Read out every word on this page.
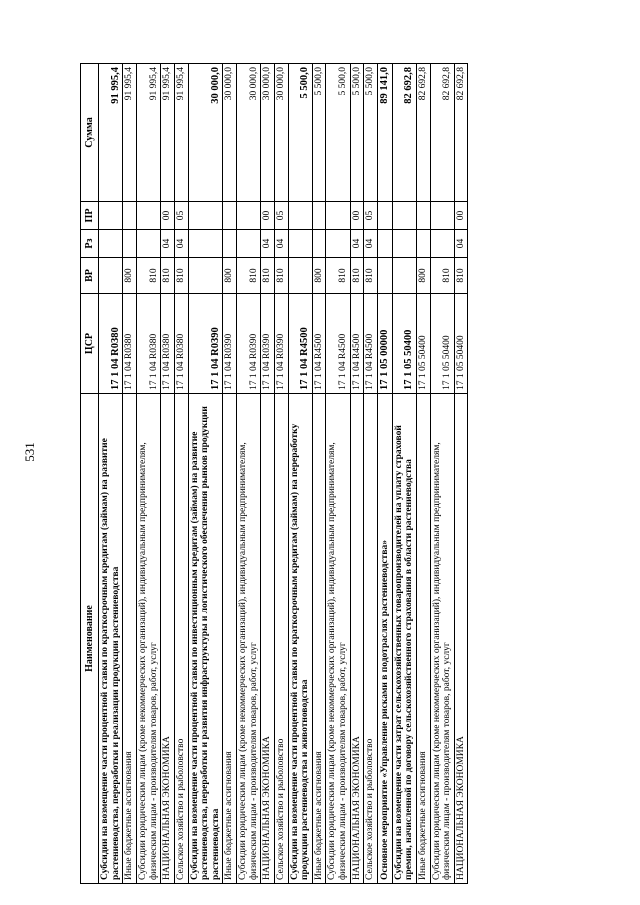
531
Наименование	ЦСР	ВР	Рз	ПР	Сумма
Субсидии на возмещение части процентной ставки по краткосрочным кредитам (займам) на развитие растениеводства, переработки и реализации продукции растениеводства	17 1 04 R0380				91 995,4
Иные бюджетные ассигнования	17 1 04 R0380	800			91 995,4
Субсидии юридическим лицам (кроме некоммерческих организаций), индивидуальным предпринимателям, физическим лицам - производителям товаров, работ, услуг	17 1 04 R0380	810			91 995,4
НАЦИОНАЛЬНАЯ ЭКОНОМИКА	17 1 04 R0380	810	04	00	91 995,4
Сельское хозяйство и рыболовство	17 1 04 R0380	810	04	05	91 995,4
Субсидии на возмещение части процентной ставки по инвестиционным кредитам (займам) на развитие растениеводства, переработки и развития инфраструктуры и логистического обеспечения рынков продукции растениеводства	17 1 04 R0390				30 000,0
Иные бюджетные ассигнования	17 1 04 R0390	800			30 000,0
Субсидии юридическим лицам (кроме некоммерческих организаций), индивидуальным предпринимателям, физическим лицам - производителям товаров, работ, услуг	17 1 04 R0390	810			30 000,0
НАЦИОНАЛЬНАЯ ЭКОНОМИКА	17 1 04 R0390	810	04	00	30 000,0
Сельское хозяйство и рыболовство	17 1 04 R0390	810	04	05	30 000,0
Субсидии на возмещение части процентной ставки по краткосрочным кредитам (займам) на переработку продукции растениеводства и животноводства	17 1 04 R4500				5 500,0
Иные бюджетные ассигнования	17 1 04 R4500	800			5 500,0
Субсидии юридическим лицам (кроме некоммерческих организаций), индивидуальным предпринимателям, физическим лицам - производителям товаров, работ, услуг	17 1 04 R4500	810			5 500,0
НАЦИОНАЛЬНАЯ ЭКОНОМИКА	17 1 04 R4500	810	04	00	5 500,0
Сельское хозяйство и рыболовство	17 1 04 R4500	810	04	05	5 500,0
Основное мероприятие «Управление рисками в подотраслях растениеводства»	17 1 05 00000				89 141,0
Субсидии на возмещение части затрат сельскохозяйственных товаропроизводителей на уплату страховой премии, начисленной по договору сельскохозяйственного страхования в области растениеводства	17 1 05 50400				82 692,8
Иные бюджетные ассигнования	17 1 05 50400	800			82 692,8
Субсидии юридическим лицам (кроме некоммерческих организаций), индивидуальным предпринимателям, физическим лицам - производителям товаров, работ, услуг	17 1 05 50400	810			82 692,8
НАЦИОНАЛЬНАЯ ЭКОНОМИКА	17 1 05 50400	810	04	00	82 692,8
